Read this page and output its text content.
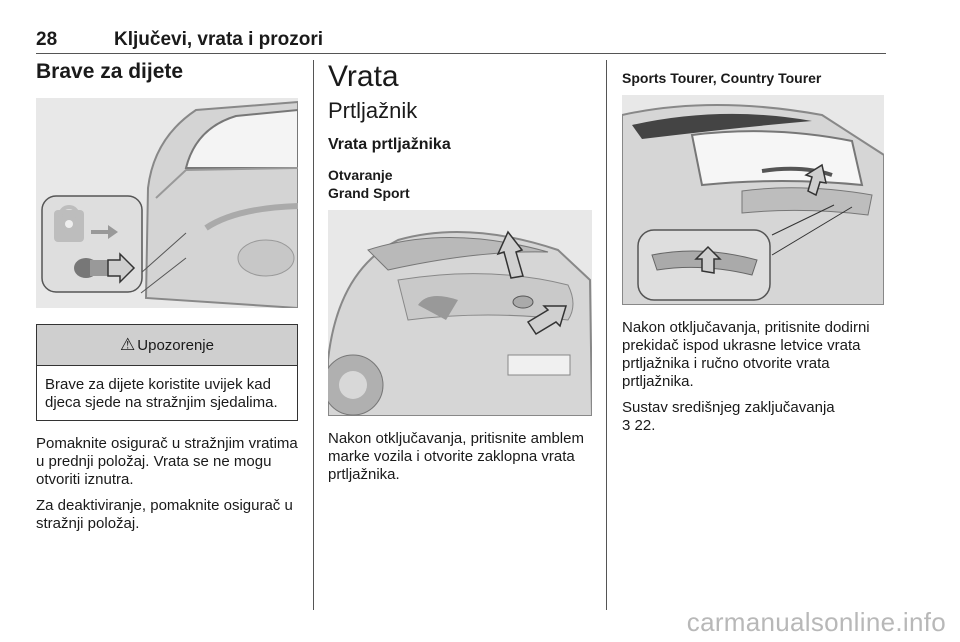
28	Ključevi, vrata i prozori
Brave za dijete
⚠ Upozorenje
Brave za dijete koristite uvijek kad djeca sjede na stražnjim sjedalima.

Pomaknite osigurač u stražnjim vratima u prednji položaj. Vrata se ne mogu otvoriti iznutra.

Za deaktiviranje, pomaknite osigurač u stražnji položaj.

Vrata
Prtljažnik
Vrata prtljažnika
Otvaranje
Grand Sport

Nakon otključavanja, pritisnite amblem marke vozila i otvorite zaklopna vrata prtljažnika.

Sports Tourer, Country Tourer

Nakon otključavanja, pritisnite dodirni prekidač ispod ukrasne letvice vrata prtljažnika i ručno otvorite vrata prtljažnika.

Sustav središnjeg zaključavanja
3 22.

carmanualsonline.info
